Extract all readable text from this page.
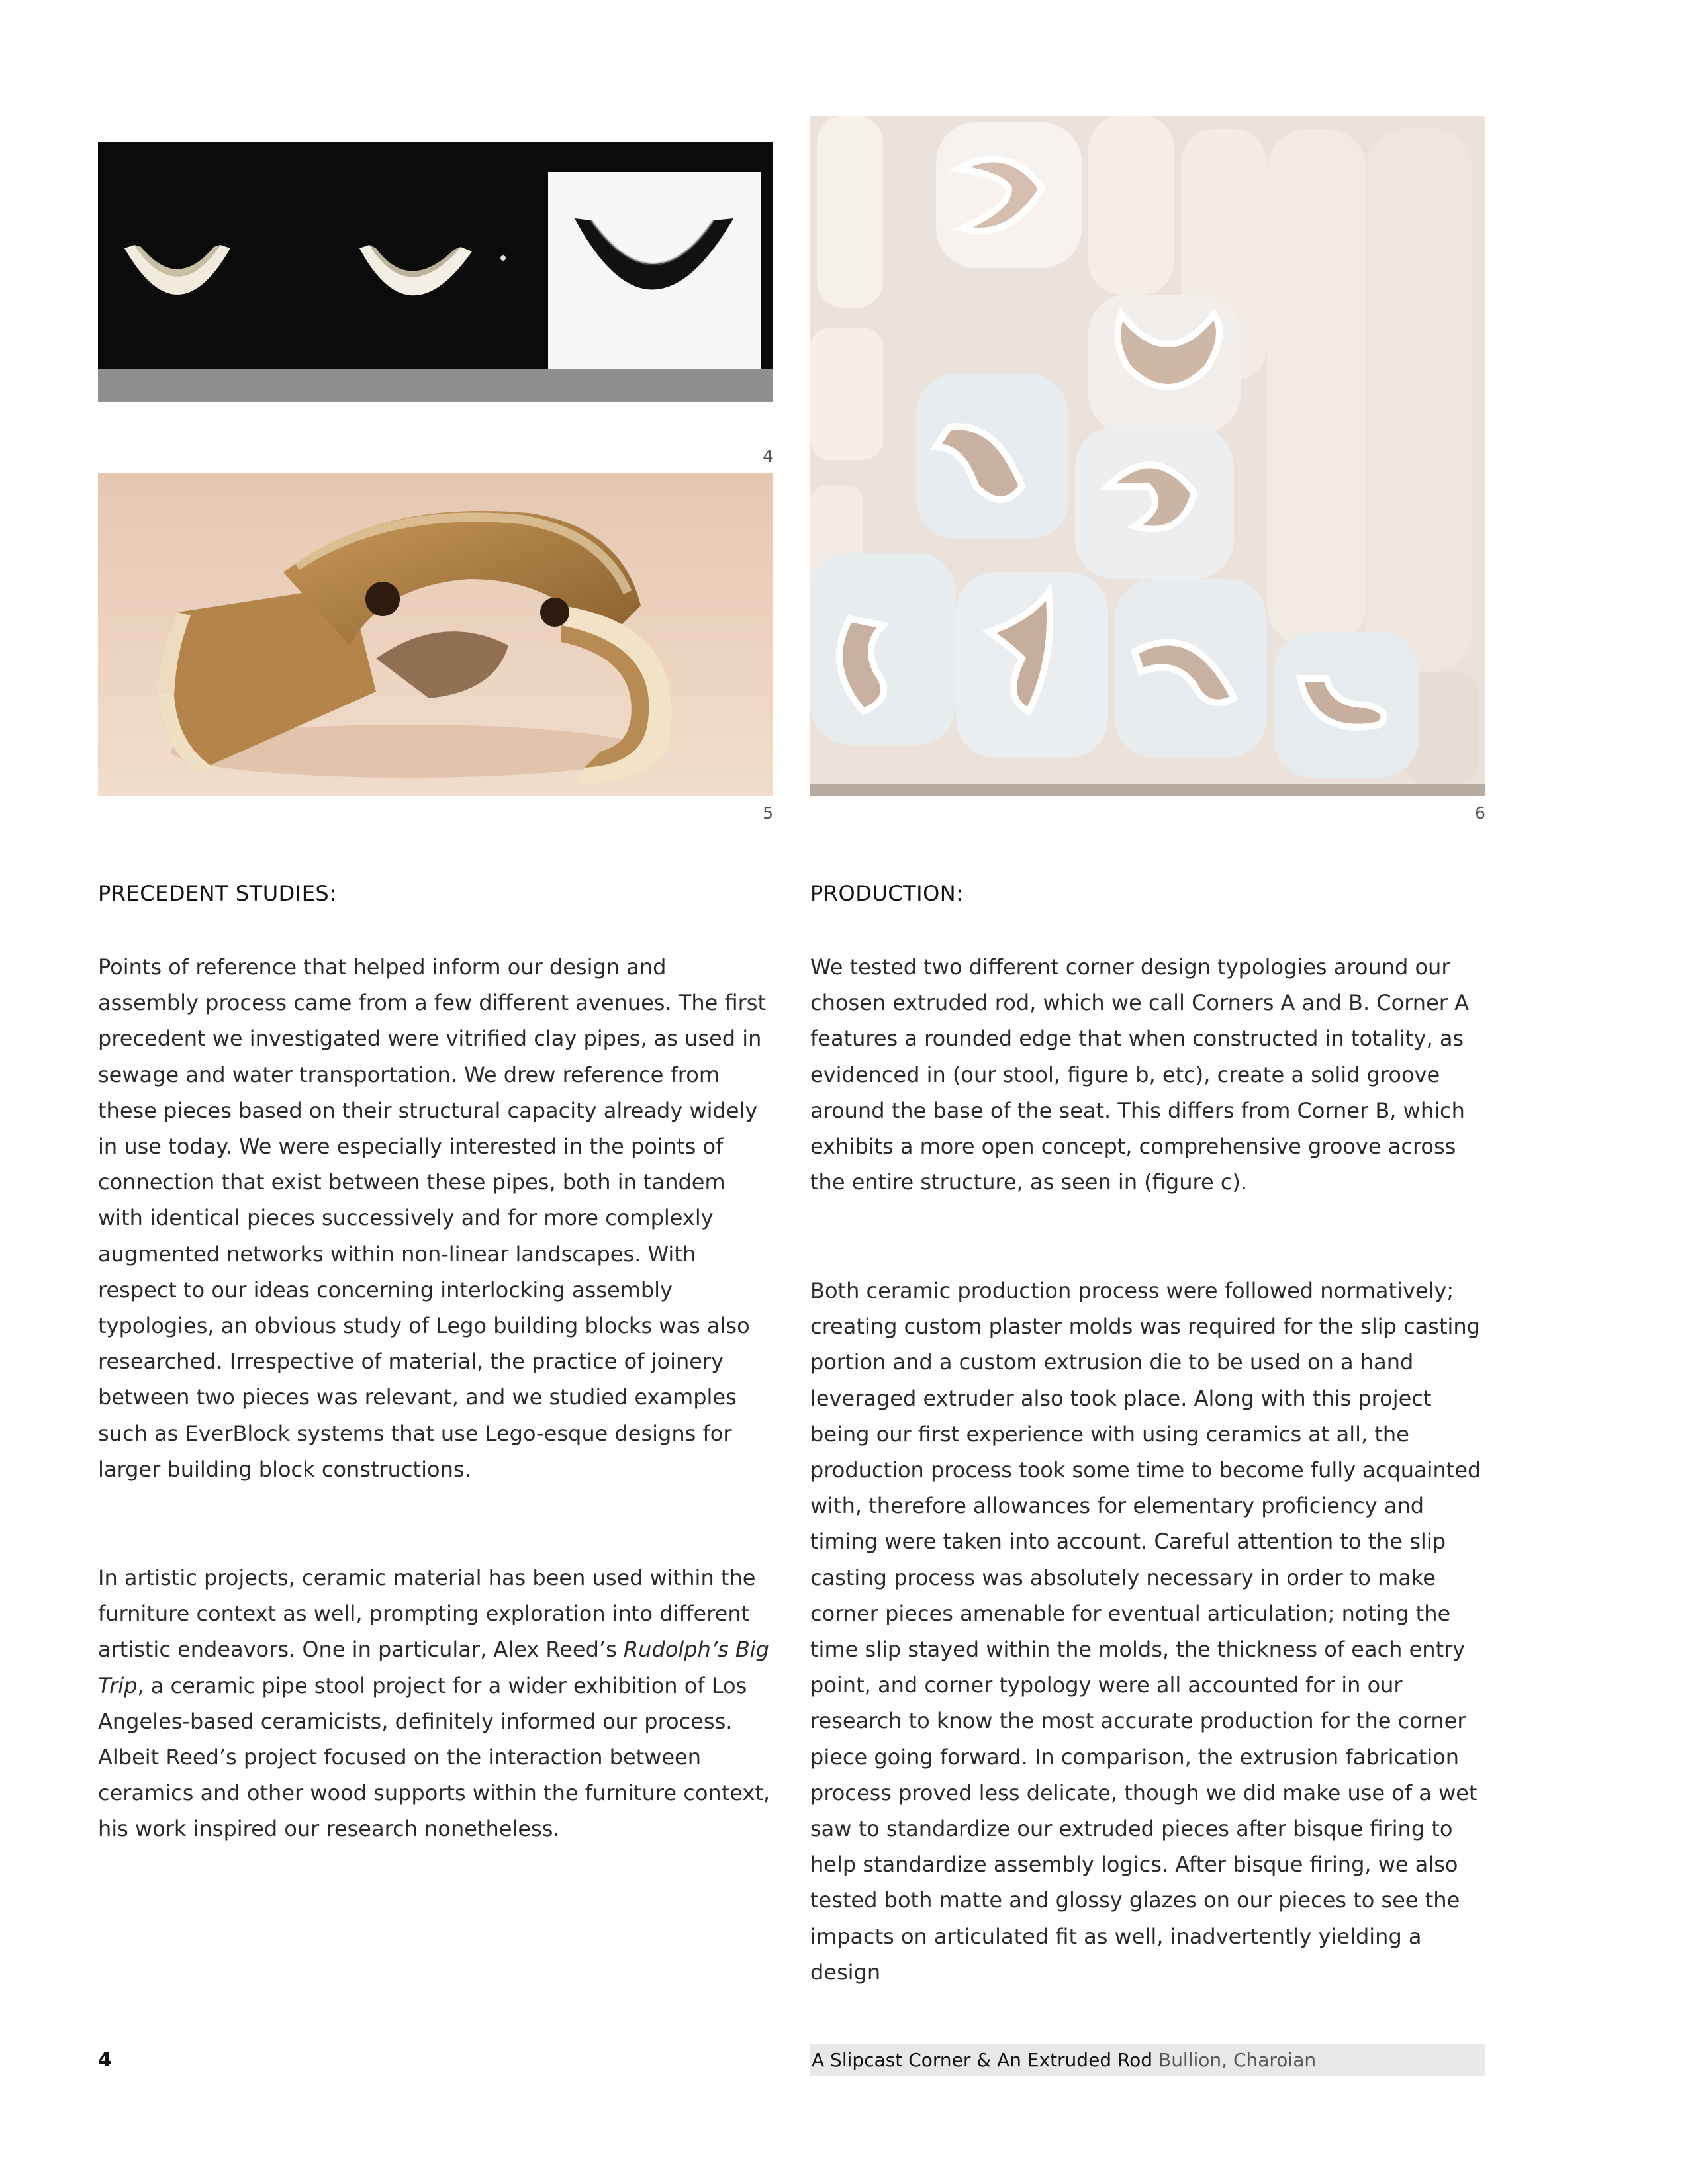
4
5	6
PRECEDENT STUDIES:
Points of reference that helped inform our design and assembly process came from a few different avenues. The first precedent we investigated were vitrified clay pipes, as used in sewage and water transportation. We drew reference from these pieces based on their structural capacity already widely in use today. We were especially interested in the points of connection that exist between these pipes, both in tandem with identical pieces successively and for more complexly augmented networks within non-linear landscapes. With respect to our ideas concerning interlocking assembly typologies, an obvious study of Lego building blocks was also researched. Irrespective of material, the practice of joinery between two pieces was relevant, and we studied examples such as EverBlock systems that use Lego-esque designs for larger building block constructions.
In artistic projects, ceramic material has been used within the furniture context as well, prompting exploration into different artistic endeavors. One in particular, Alex Reed’s Rudolph’s Big Trip, a ceramic pipe stool project for a wider exhibition of Los Angeles-based ceramicists, definitely informed our process. Albeit Reed’s project focused on the interaction between ceramics and other wood supports within the furniture context, his work inspired our research nonetheless.
PRODUCTION:
We tested two different corner design typologies around our chosen extruded rod, which we call Corners A and B. Corner A features a rounded edge that when constructed in totality, as evidenced in (our stool, figure b, etc), create a solid groove around the base of the seat. This differs from Corner B, which exhibits a more open concept, comprehensive groove across the entire structure, as seen in (figure c).
Both ceramic production process were followed normatively; creating custom plaster molds was required for the slip casting portion and a custom extrusion die to be used on a hand leveraged extruder also took place. Along with this project being our first experience with using ceramics at all, the production process took some time to become fully acquainted with, therefore allowances for elementary proficiency and timing were taken into account. Careful attention to the slip casting process was absolutely necessary in order to make corner pieces amenable for eventual articulation; noting the time slip stayed within the molds, the thickness of each entry point, and corner typology were all accounted for in our research to know the most accurate production for the corner piece going forward. In comparison, the extrusion fabrication process proved less delicate, though we did make use of a wet saw to standardize our extruded pieces after bisque firing to help standardize assembly logics. After bisque firing, we also tested both matte and glossy glazes on our pieces to see the impacts on articulated fit as well, inadvertently yielding a design
4	A Slipcast Corner & An Extruded Rod Bullion, Charoian
